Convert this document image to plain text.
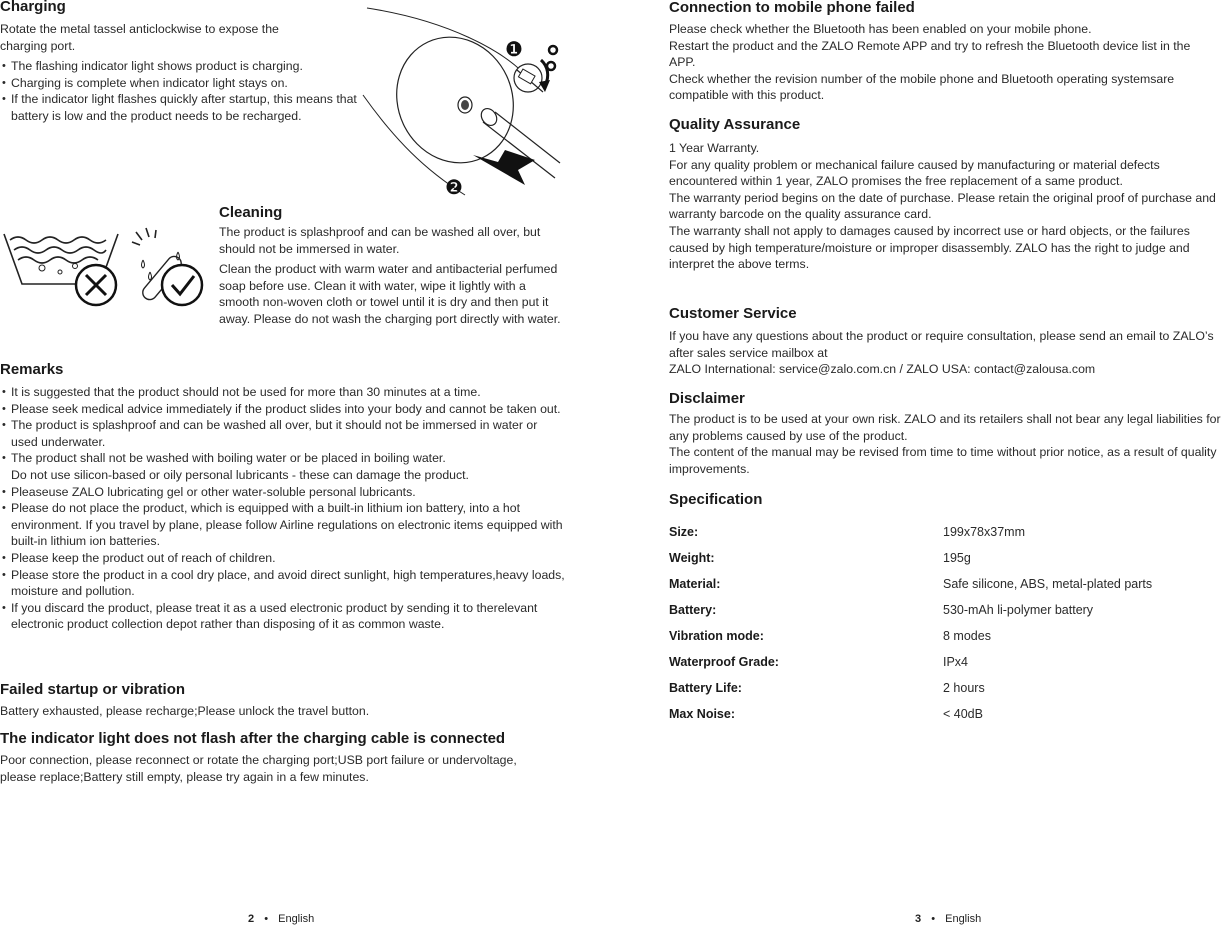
Charging

Rotate the metal tassel anticlockwise to expose the

charging port.

• The flashing indicator light shows product is charging.
• Charging is complete when indicator light stays on.
• If the indicator light flashes quickly after startup, this means that battery is low and the product needs to be recharged.
❶
❷
Cleaning

The product is splashproof and can be washed all over, but should not be immersed in water.

Clean the product with warm water and antibacterial perfumed soap before use. Clean it with water, wipe it lightly with a smooth non-woven cloth or towel until it is dry and then put it away. Please do not wash the charging port directly with water.

Remarks
• It is suggested that the product should not be used for more than 30 minutes at a time.
• Please seek medical advice immediately if the product slides into your body and cannot be taken out.
• The product is splashproof and can be washed all over, but it should not be immersed in water or used underwater.
• The product shall not be washed with boiling water or be placed in boiling water.
Do not use silicon-based or oily personal lubricants - these can damage the product.
• Pleaseuse ZALO lubricating gel or other water-soluble personal lubricants.
• Please do not place the product, which is equipped with a built-in lithium ion battery, into a hot environment. If you travel by plane, please follow Airline regulations on electronic items equipped with built-in lithium ion batteries.
• Please keep the product out of reach of children.
• Please store the product in a cool dry place, and avoid direct sunlight, high temperatures,heavy loads, moisture and pollution.
• If you discard the product, please treat it as a used electronic product by sending it to therelevant electronic product collection depot rather than disposing of it as common waste.
Failed startup or vibration

Battery exhausted, please recharge;Please unlock the travel button.

The indicator light does not flash after the charging cable is connected

Poor connection, please reconnect or rotate the charging port;USB port failure or undervoltage, please replace;Battery still empty, please try again in a few minutes.

2 • English
Connection to mobile phone failed

Please check whether the Bluetooth has been enabled on your mobile phone.

Restart the product and the ZALO Remote APP and try to refresh the Bluetooth device list in the APP.

Check whether the revision number of the mobile phone and Bluetooth operating systemsare compatible with this product.

Quality Assurance

1 Year Warranty.

For any quality problem or mechanical failure caused by manufacturing or material defects encountered within 1 year, ZALO promises the free replacement of a same product.

The warranty period begins on the date of purchase. Please retain the original proof of purchase and warranty barcode on the quality assurance card.

The warranty shall not apply to damages caused by incorrect use or hard objects, or the failures caused by high temperature/moisture or improper disassembly. ZALO has the right to judge and interpret the above terms.

Customer Service

If you have any questions about the product or require consultation, please send an email to ZALO’s after sales service mailbox at

ZALO International: service@zalo.com.cn / ZALO USA: contact@zalousa.com

Disclaimer

The product is to be used at your own risk. ZALO and its retailers shall not bear any legal liabilities for any problems caused by use of the product.

The content of the manual may be revised from time to time without prior notice, as a result of quality improvements.

Specification
Size:	199x78x37mm
Weight:	195g
Material:	Safe silicone, ABS, metal-plated parts
Battery:	530-mAh li-polymer battery
Vibration mode:	8 modes
Waterproof Grade:	IPx4
Battery Life:	2 hours
Max Noise:	< 40dB
3 • English
